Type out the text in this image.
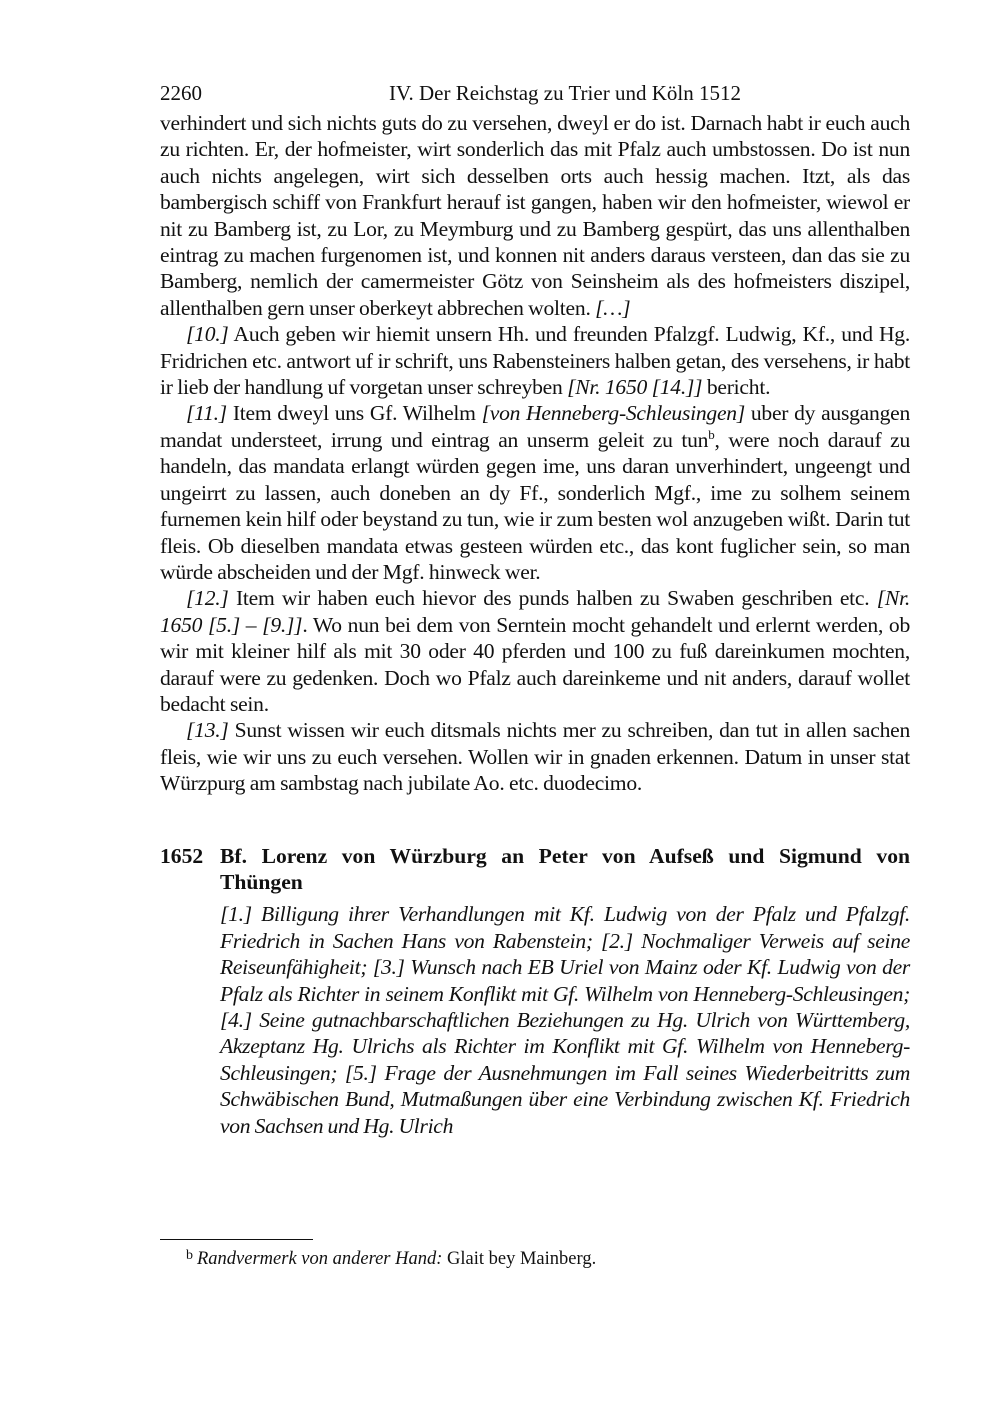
2260	IV. Der Reichstag zu Trier und Köln 1512

verhindert und sich nichts guts do zu versehen, dweyl er do ist. Darnach habt ir euch auch zu richten. Er, der hofmeister, wirt sonderlich das mit Pfalz auch umbstossen. Do ist nun auch nichts angelegen, wirt sich desselben orts auch hessig machen. Itzt, als das bambergisch schiff von Frankfurt herauf ist gangen, haben wir den hofmeister, wiewol er nit zu Bamberg ist, zu Lor, zu Meymburg und zu Bamberg gespürt, das uns allenthalben eintrag zu machen furgenomen ist, und konnen nit anders daraus versteen, dan das sie zu Bamberg, nemlich der camermeister Götz von Seinsheim als des hofmeisters diszipel, allenthalben gern unser oberkeyt abbrechen wolten. […]

[10.] Auch geben wir hiemit unsern Hh. und freunden Pfalzgf. Ludwig, Kf., und Hg. Fridrichen etc. antwort uf ir schrift, uns Rabensteiners halben getan, des versehens, ir habt ir lieb der handlung uf vorgetan unser schreyben [Nr. 1650 [14.]] bericht.

[11.] Item dweyl uns Gf. Wilhelm [von Henneberg-Schleusingen] uber dy ausgangen mandat understeet, irrung und eintrag an unserm geleit zu tun$^b$, were noch darauf zu handeln, das mandata erlangt würden gegen ime, uns daran unverhindert, ungeengt und ungeirrt zu lassen, auch doneben an dy Ff., sonderlich Mgf., ime zu solhem seinem furnemen kein hilf oder beystand zu tun, wie ir zum besten wol anzugeben wißt. Darin tut fleis. Ob dieselben mandata etwas gesteen würden etc., das kont fuglicher sein, so man würde abscheiden und der Mgf. hinweck wer.

[12.] Item wir haben euch hievor des punds halben zu Swaben geschriben etc. [Nr. 1650 [5.] – [9.]]. Wo nun bei dem von Serntein mocht gehandelt und erlernt werden, ob wir mit kleiner hilf als mit 30 oder 40 pferden und 100 zu fuß dareinkumen mochten, darauf were zu gedenken. Doch wo Pfalz auch dareinkeme und nit anders, darauf wollet bedacht sein.

[13.] Sunst wissen wir euch ditsmals nichts mer zu schreiben, dan tut in allen sachen fleis, wie wir uns zu euch versehen. Wollen wir in gnaden erkennen. Datum in unser stat Würzpurg am sambstag nach jubilate Ao. etc. duodecimo.

1652 Bf. Lorenz von Würzburg an Peter von Aufseß und Sigmund von Thüngen
[1.] Billigung ihrer Verhandlungen mit Kf. Ludwig von der Pfalz und Pfalzgf. Friedrich in Sachen Hans von Rabenstein; [2.] Nochmaliger Verweis auf seine Reiseunfähigheit; [3.] Wunsch nach EB Uriel von Mainz oder Kf. Ludwig von der Pfalz als Richter in seinem Konflikt mit Gf. Wilhelm von Henneberg-Schleusingen; [4.] Seine gutnachbarschaftlichen Beziehungen zu Hg. Ulrich von Württemberg, Akzeptanz Hg. Ulrichs als Richter im Konflikt mit Gf. Wilhelm von Henneberg-Schleusingen; [5.] Frage der Ausnehmungen im Fall seines Wiederbeitritts zum Schwäbischen Bund, Mutmaßungen über eine Verbindung zwischen Kf. Friedrich von Sachsen und Hg. Ulrich
$^b$ Randvermerk von anderer Hand: Glait bey Mainberg.
